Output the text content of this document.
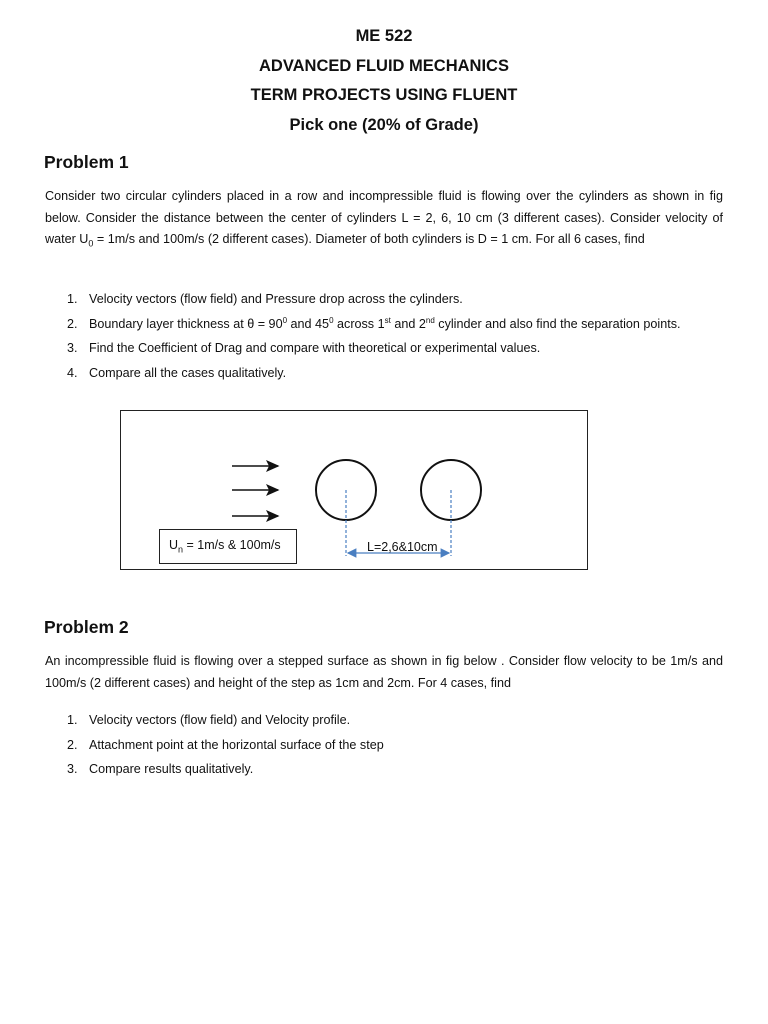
ME 522
ADVANCED FLUID MECHANICS
TERM PROJECTS USING FLUENT
Pick one (20% of Grade)
Problem 1

Consider two circular cylinders placed in a row and incompressible fluid is flowing over the cylinders as shown in fig below. Consider the distance between the center of cylinders L = 2, 6, 10 cm (3 different cases). Consider velocity of water $U_0 = 1m/s$ and 100m/s (2 different cases). Diameter of both cylinders is D = 1 cm. For all 6 cases, find

1. Velocity vectors (flow field) and Pressure drop across the cylinders.
2. Boundary layer thickness at $\theta = 90^0$ and $45^0$ across 1st and 2nd cylinder and also find the separation points.
3. Find the Coefficient of Drag and compare with theoretical or experimental values.
4. Compare all the cases qualitatively.
$U_n = 1m/s$ & 100m/s	L=2,6&10cm
Problem 2

An incompressible fluid is flowing over a stepped surface as shown in fig below . Consider flow velocity to be 1m/s and 100m/s (2 different cases) and height of the step as 1cm and 2cm. For 4 cases, find

1. Velocity vectors (flow field) and Velocity profile.
2. Attachment point at the horizontal surface of the step
3. Compare results qualitatively.
